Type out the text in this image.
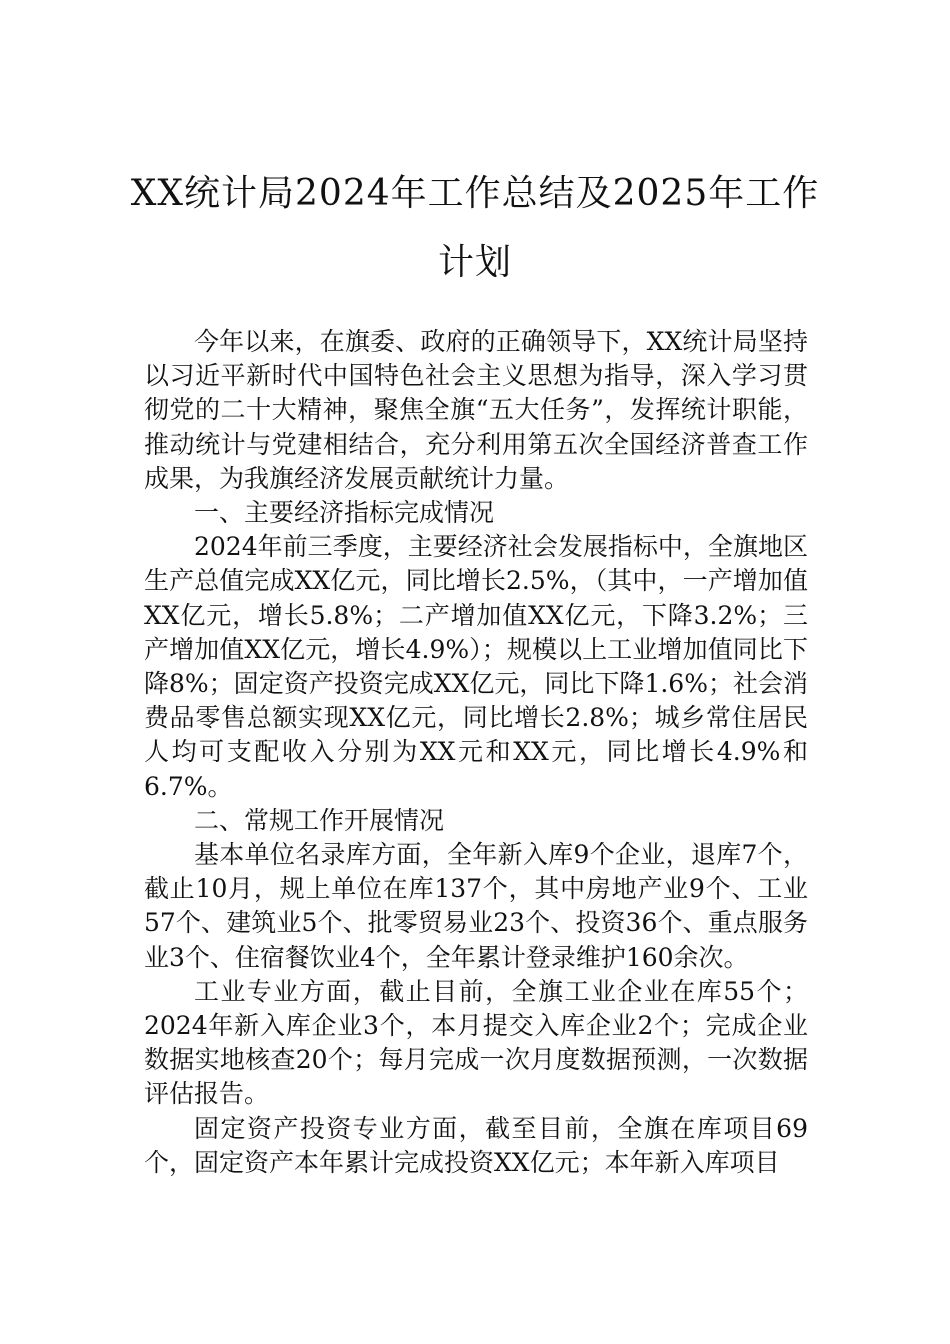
XX统计局2024年工作总结及2025年工作
计划

今年以来，在旗委、政府的正确领导下，XX统计局坚持以习近平新时代中国特色社会主义思想为指导，深入学习贯彻党的二十大精神，聚焦全旗“五大任务”，发挥统计职能，推动统计与党建相结合，充分利用第五次全国经济普查工作成果，为我旗经济发展贡献统计力量。

一、主要经济指标完成情况

2024年前三季度，主要经济社会发展指标中，全旗地区生产总值完成XX亿元，同比增长2.5%，（其中，一产增加值XX亿元，增长5.8%；二产增加值XX亿元，下降3.2%；三产增加值XX亿元，增长4.9%）；规模以上工业增加值同比下降8%；固定资产投资完成XX亿元，同比下降1.6%；社会消费品零售总额实现XX亿元，同比增长2.8%；城乡常住居民人均可支配收入分别为XX元和XX元，同比增长4.9%和6.7%。

二、常规工作开展情况

基本单位名录库方面，全年新入库9个企业，退库7个，截止10月，规上单位在库137个，其中房地产业9个、工业57个、建筑业5个、批零贸易业23个、投资36个、重点服务业3个、住宿餐饮业4个，全年累计登录维护160余次。

工业专业方面，截止目前，全旗工业企业在库55个；2024年新入库企业3个，本月提交入库企业2个；完成企业数据实地核查20个；每月完成一次月度数据预测，一次数据评估报告。

固定资产投资专业方面，截至目前，全旗在库项目69个，固定资产本年累计完成投资XX亿元；本年新入库项目
